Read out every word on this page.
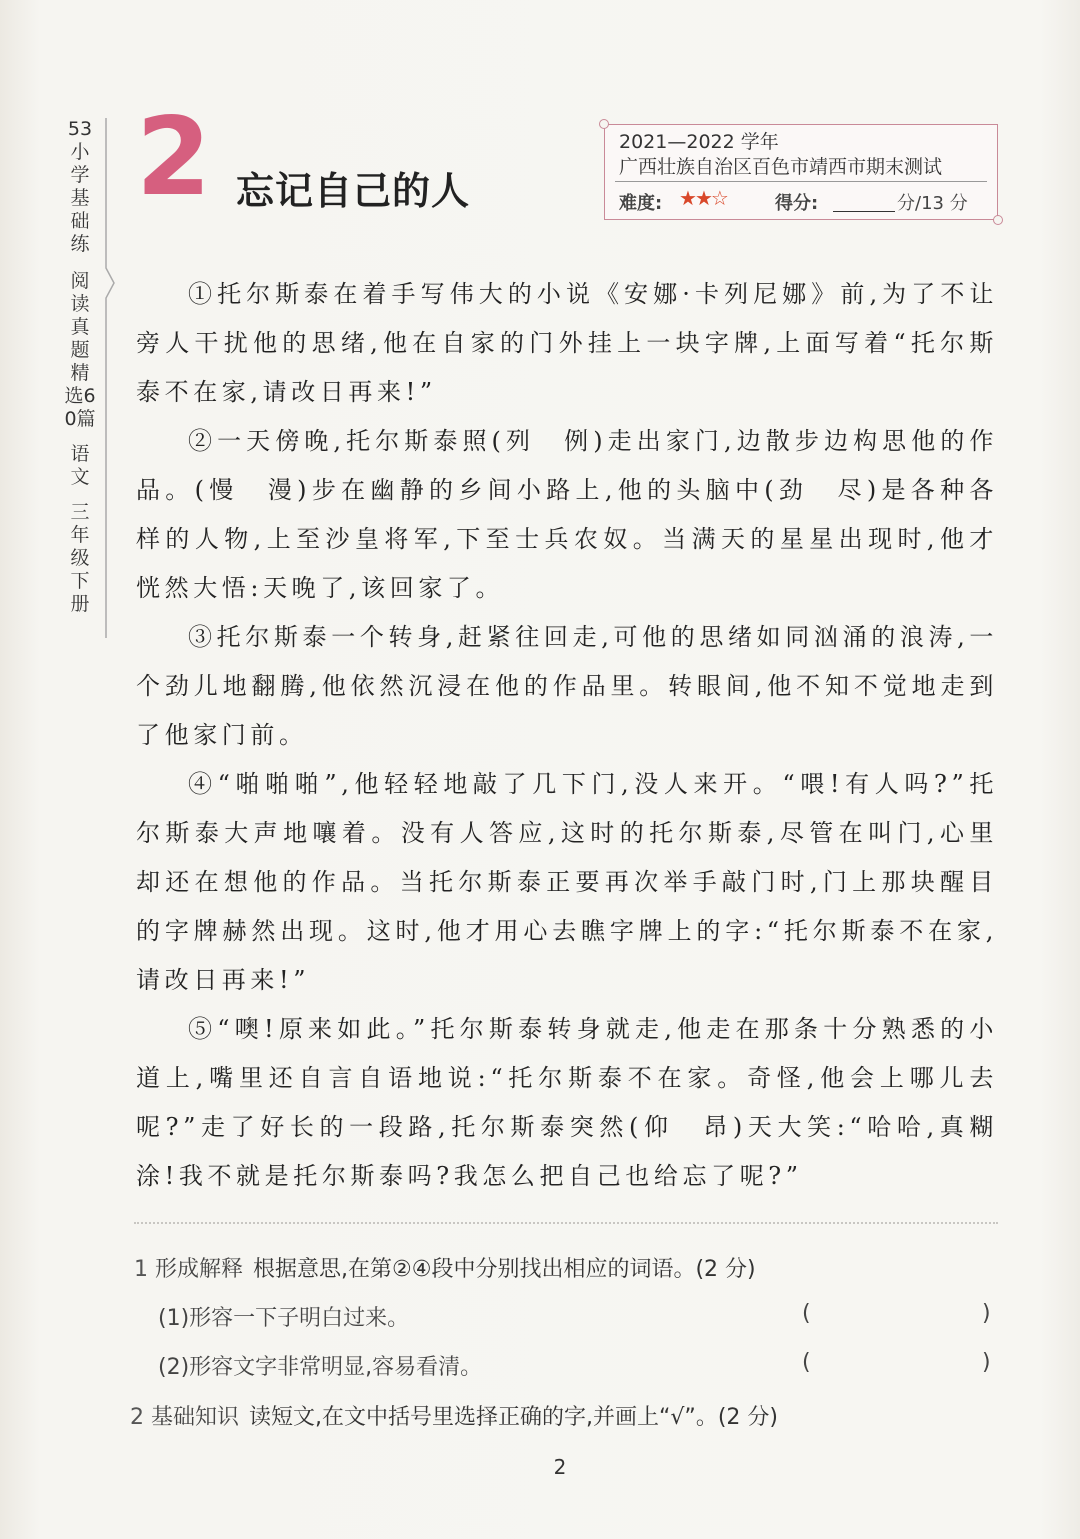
53小学基础练
阅读真题精选60篇
语文
三年级下册
2 忘记自己的人
2021—2022 学年
广西壮族自治区百色市靖西市期末测试
难度: ★★☆	得分:	分/13 分

①托尔斯泰在着手写伟大的小说《安娜·卡列尼娜》前,为了不让旁人干扰他的思绪,他在自家的门外挂上一块字牌,上面写着“托尔斯泰不在家,请改日再来!”

②一天傍晚,托尔斯泰照(列　例)走出家门,边散步边构思他的作品。(慢　漫)步在幽静的乡间小路上,他的头脑中(劲　尽)是各种各样的人物,上至沙皇将军,下至士兵农奴。当满天的星星出现时,他才恍然大悟:天晚了,该回家了。

③托尔斯泰一个转身,赶紧往回走,可他的思绪如同汹涌的浪涛,一个劲儿地翻腾,他依然沉浸在他的作品里。转眼间,他不知不觉地走到了他家门前。

④“啪啪啪”,他轻轻地敲了几下门,没人来开。“喂!有人吗?”托尔斯泰大声地嚷着。没有人答应,这时的托尔斯泰,尽管在叫门,心里却还在想他的作品。当托尔斯泰正要再次举手敲门时,门上那块醒目的字牌赫然出现。这时,他才用心去瞧字牌上的字:“托尔斯泰不在家,请改日再来!”

⑤“噢!原来如此。”托尔斯泰转身就走,他走在那条十分熟悉的小道上,嘴里还自言自语地说:“托尔斯泰不在家。奇怪,他会上哪儿去呢?”走了好长的一段路,托尔斯泰突然(仰　昂)天大笑:“哈哈,真糊涂!我不就是托尔斯泰吗?我怎么把自己也给忘了呢?”

1 形成解释 根据意思,在第②④段中分别找出相应的词语。(2 分)
(1)形容一下子明白过来。	(	)
(2)形容文字非常明显,容易看清。	(	)
2 基础知识 读短文,在文中括号里选择正确的字,并画上“√”。(2 分)
2
